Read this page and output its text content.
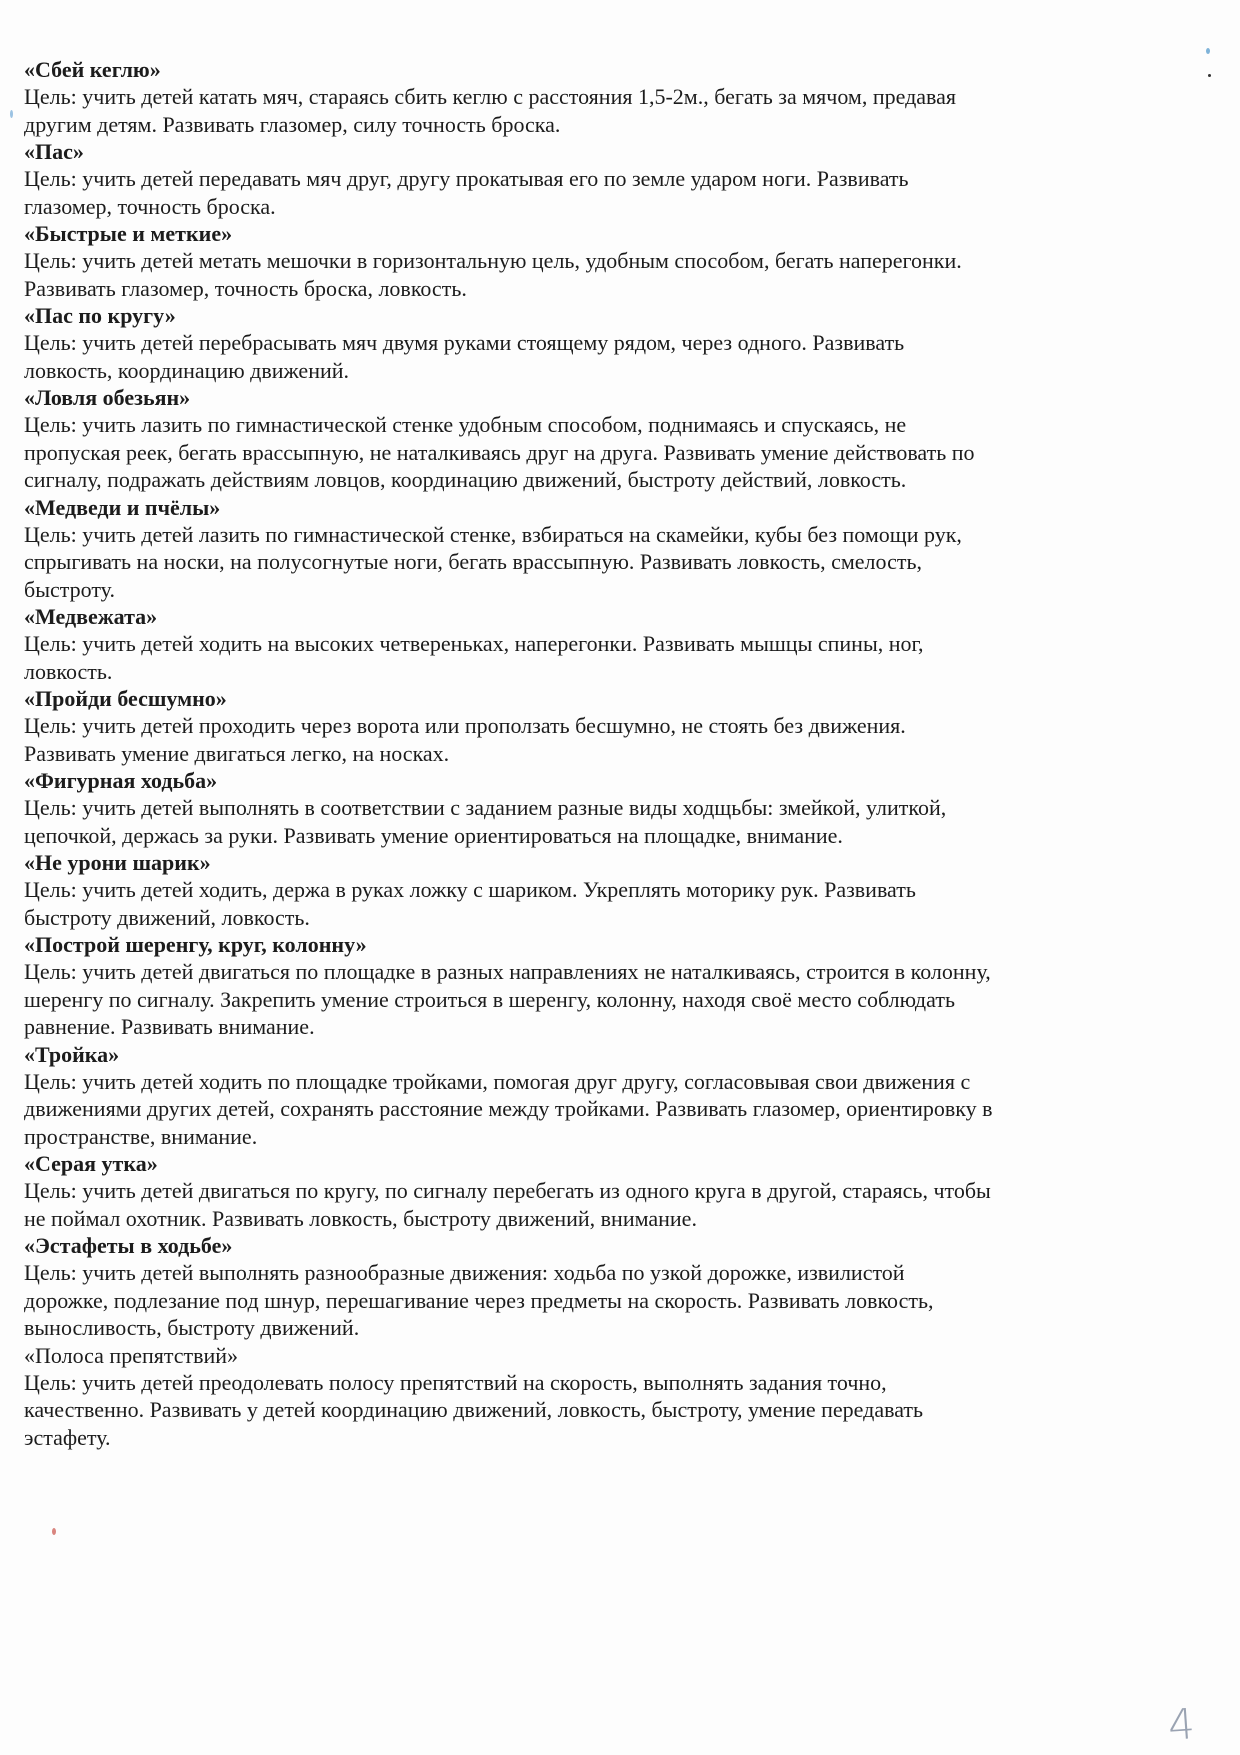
«Сбей кеглю»

Цель: учить детей катать мяч, стараясь сбить кеглю с расстояния 1,5-2м., бегать за мячом, предавая

другим детям. Развивать глазомер, силу точность броска.

«Пас»

Цель: учить детей передавать мяч друг, другу прокатывая его по земле ударом ноги. Развивать

глазомер, точность броска.

«Быстрые и меткие»

Цель: учить детей метать мешочки в горизонтальную цель, удобным способом, бегать наперегонки.

Развивать глазомер, точность броска, ловкость.

«Пас по кругу»

Цель: учить детей перебрасывать мяч двумя руками стоящему рядом, через одного. Развивать

ловкость, координацию движений.

«Ловля обезьян»

Цель: учить лазить по гимнастической стенке удобным способом, поднимаясь и спускаясь, не

пропуская реек, бегать врассыпную, не наталкиваясь друг на друга. Развивать умение действовать по

сигналу, подражать действиям ловцов, координацию движений, быстроту действий, ловкость.

«Медведи и пчёлы»

Цель: учить детей лазить по гимнастической стенке, взбираться на скамейки, кубы без помощи рук,

спрыгивать на носки, на полусогнутые ноги, бегать врассыпную. Развивать ловкость, смелость,

быстроту.

«Медвежата»

Цель: учить детей ходить на высоких четвереньках, наперегонки. Развивать мышцы спины, ног,

ловкость.

«Пройди бесшумно»

Цель: учить детей проходить через ворота или проползать бесшумно, не стоять без движения.

Развивать умение двигаться легко, на носках.

«Фигурная ходьба»

Цель: учить детей выполнять в соответствии с заданием разные виды ходщьбы: змейкой, улиткой,

цепочкой, держась за руки. Развивать умение ориентироваться на площадке, внимание.

«Не урони шарик»

Цель: учить детей ходить, держа в руках ложку с шариком. Укреплять моторику рук. Развивать

быстроту движений, ловкость.

«Построй шеренгу, круг, колонну»

Цель: учить детей двигаться по площадке в разных направлениях не наталкиваясь, строится в колонну,

шеренгу по сигналу. Закрепить умение строиться в шеренгу, колонну, находя своё место соблюдать

равнение. Развивать внимание.

«Тройка»

Цель: учить детей ходить по площадке тройками, помогая друг другу, согласовывая свои движения с

движениями других детей, сохранять расстояние между тройками. Развивать глазомер, ориентировку в

пространстве, внимание.

«Серая утка»

Цель: учить детей двигаться по кругу, по сигналу перебегать из одного круга в другой, стараясь, чтобы

не поймал охотник. Развивать ловкость, быстроту движений, внимание.

«Эстафеты в ходьбе»

Цель: учить детей выполнять разнообразные движения: ходьба по узкой дорожке, извилистой

дорожке, подлезание под шнур, перешагивание через предметы на скорость. Развивать ловкость,

выносливость, быстроту движений.

«Полоса препятствий»

Цель: учить детей преодолевать полосу препятствий на скорость, выполнять задания точно,

качественно. Развивать у детей координацию движений, ловкость, быстроту, умение передавать

эстафету.

4
